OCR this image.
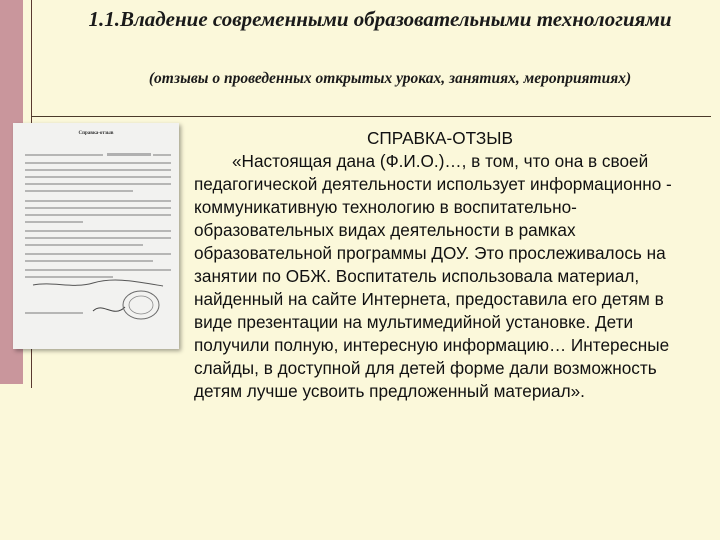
1.1.Владение современными образовательными технологиями

(отзывы о проведенных открытых уроках, занятиях, мероприятиях)

Справка-отзыв	СПРАВКА-ОТЗЫВ

«Настоящая дана (Ф.И.О.)…, в том, что она в своей педагогической деятельности использует информационно - коммуникативную технологию в воспитательно-образовательных видах деятельности в рамках образовательной программы ДОУ. Это прослеживалось на занятии по ОБЖ. Воспитатель использовала материал, найденный на сайте Интернета, предоставила его детям в виде презентации на мультимедийной установке. Дети получили полную, интересную информацию… Интересные слайды, в доступной для детей форме дали возможность детям лучше усвоить предложенный материал».
